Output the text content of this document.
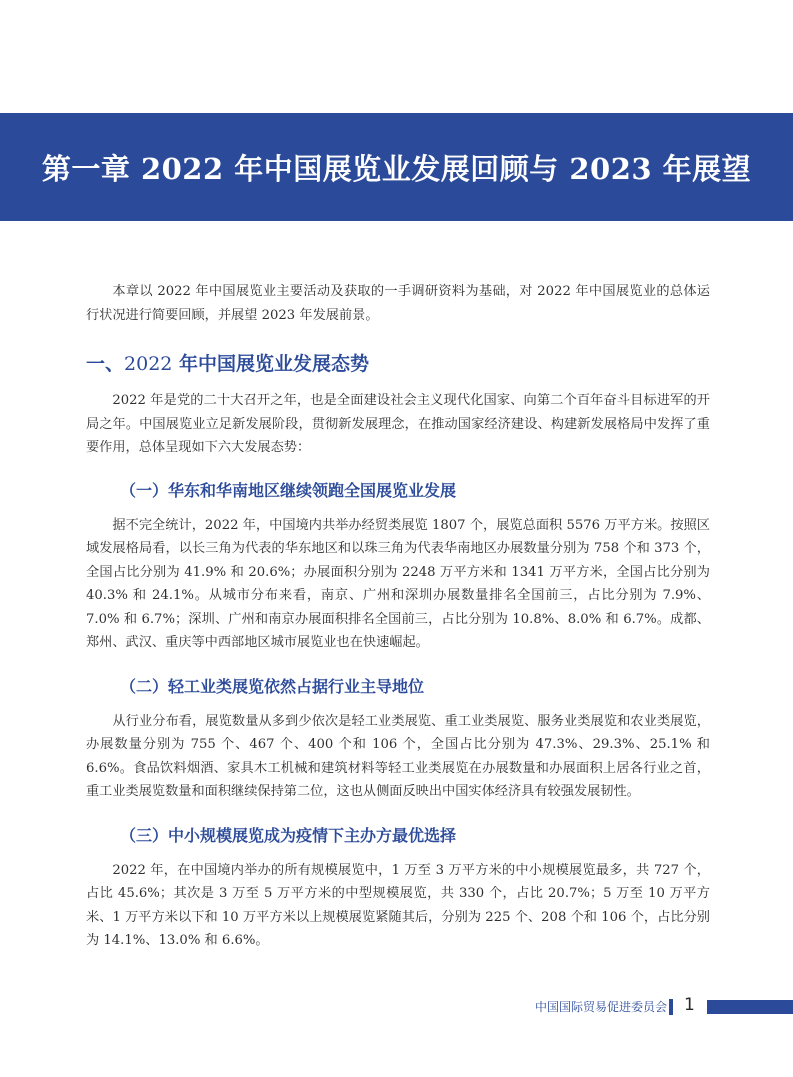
第一章 2022 年中国展览业发展回顾与 2023 年展望

本章以 2022 年中国展览业主要活动及获取的一手调研资料为基础，对 2022 年中国展览业的总体运行状况进行简要回顾，并展望 2023 年发展前景。

一、2022 年中国展览业发展态势

2022 年是党的二十大召开之年，也是全面建设社会主义现代化国家、向第二个百年奋斗目标进军的开局之年。中国展览业立足新发展阶段，贯彻新发展理念，在推动国家经济建设、构建新发展格局中发挥了重要作用，总体呈现如下六大发展态势：

（一）华东和华南地区继续领跑全国展览业发展

据不完全统计，2022 年，中国境内共举办经贸类展览 1807 个，展览总面积 5576 万平方米。按照区域发展格局看，以长三角为代表的华东地区和以珠三角为代表华南地区办展数量分别为 758 个和 373 个，全国占比分别为 41.9% 和 20.6%；办展面积分别为 2248 万平方米和 1341 万平方米，全国占比分别为 40.3% 和 24.1%。从城市分布来看，南京、广州和深圳办展数量排名全国前三，占比分别为 7.9%、7.0% 和 6.7%；深圳、广州和南京办展面积排名全国前三，占比分别为 10.8%、8.0% 和 6.7%。成都、郑州、武汉、重庆等中西部地区城市展览业也在快速崛起。

（二）轻工业类展览依然占据行业主导地位

从行业分布看，展览数量从多到少依次是轻工业类展览、重工业类展览、服务业类展览和农业类展览，办展数量分别为 755 个、467 个、400 个和 106 个，全国占比分别为 47.3%、29.3%、25.1% 和 6.6%。食品饮料烟酒、家具木工机械和建筑材料等轻工业类展览在办展数量和办展面积上居各行业之首，重工业类展览数量和面积继续保持第二位，这也从侧面反映出中国实体经济具有较强发展韧性。

（三）中小规模展览成为疫情下主办方最优选择

2022 年，在中国境内举办的所有规模展览中，1 万至 3 万平方米的中小规模展览最多，共 727 个，占比 45.6%；其次是 3 万至 5 万平方米的中型规模展览，共 330 个，占比 20.7%；5 万至 10 万平方米、1 万平方米以下和 10 万平方米以上规模展览紧随其后，分别为 225 个、208 个和 106 个，占比分别为 14.1%、13.0% 和 6.6%。

中国国际贸易促进委员会 1
